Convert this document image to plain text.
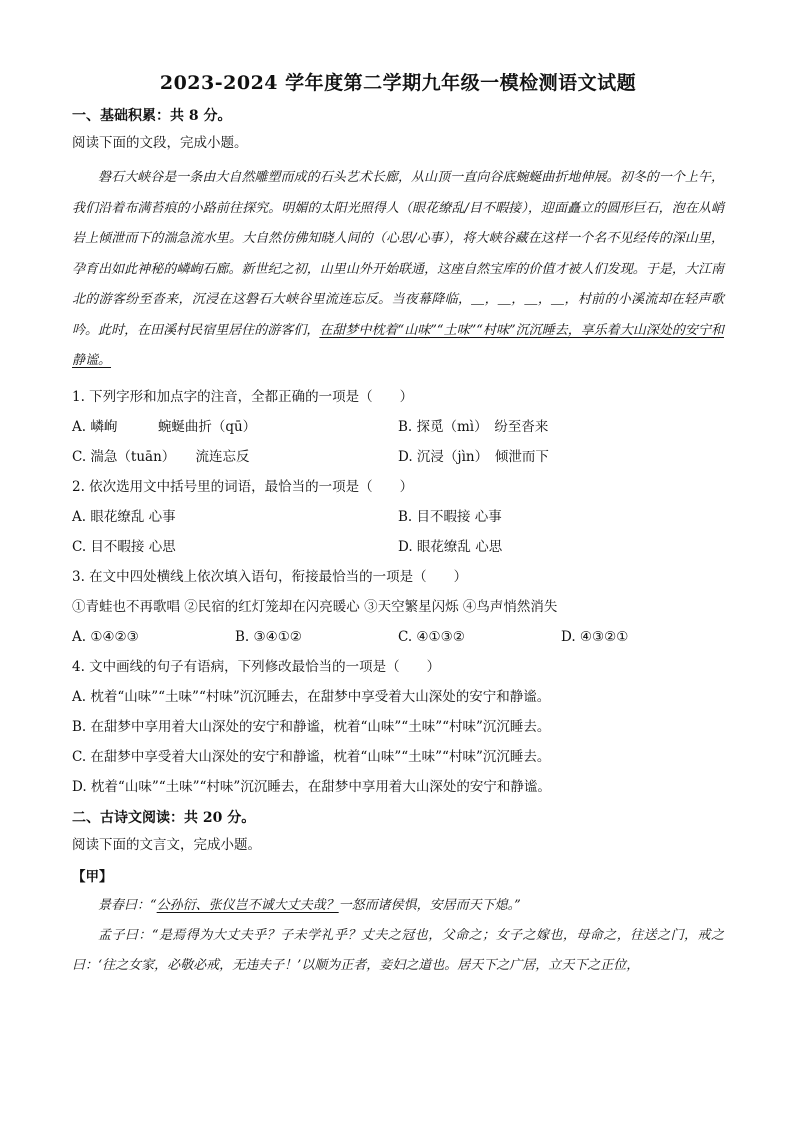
2023-2024 学年度第二学期九年级一模检测语文试题
一、基础积累：共 8 分。
阅读下面的文段，完成小题。
磐石大峡谷是一条由大自然雕塑而成的石头艺术长廊，从山顶一直向谷底蜿蜒曲折地伸展。初冬的一个上午，我们沿着布满苔痕的小路前往探究。明媚的太阳光照得人（眼花缭乱/目不暇接），迎面矗立的圆形巨石，泡在从峭岩上倾泄而下的湍急流水里。大自然仿佛知晓人间的（心思/心事），将大峡谷藏在这样一个名不见经传的深山里，孕育出如此神秘的嶙峋石廊。新世纪之初，山里山外开始联通，这座自然宝库的价值才被人们发现。于是，大江南北的游客纷至沓来，沉浸在这磐石大峡谷里流连忘反。当夜幕降临，＿，＿，＿，＿，村前的小溪流却在轻声歌吟。此时，在田溪村民宿里居住的游客们，在甜梦中枕着“山味”“土味”“村味”沉沉睡去，享乐着大山深处的安宁和静谧。
1. 下列字形和加点字的注音，全都正确的一项是（　　）
A. 嶙峋　　　蜿蜒曲折（qū）	B. 探觅（mì）　纷至沓来
C. 湍急（tuān）　　流连忘反	D. 沉浸（jìn）　倾泄而下
2. 依次选用文中括号里的词语，最恰当的一项是（　　）
A. 眼花缭乱 心事	B. 目不暇接 心事
C. 目不暇接 心思	D. 眼花缭乱 心思
3. 在文中四处横线上依次填入语句，衔接最恰当的一项是（　　）
①青蛙也不再歌唱 ②民宿的红灯笼却在闪亮暖心 ③天空繁星闪烁 ④鸟声悄然消失
A. ①④②③	B. ③④①②	C. ④①③②	D. ④③②①
4. 文中画线的句子有语病，下列修改最恰当的一项是（　　）
A. 枕着“山味”“土味”“村味”沉沉睡去，在甜梦中享受着大山深处的安宁和静谧。
B. 在甜梦中享用着大山深处的安宁和静谧，枕着“山味”“土味”“村味”沉沉睡去。
C. 在甜梦中享受着大山深处的安宁和静谧，枕着“山味”“土味”“村味”沉沉睡去。
D. 枕着“山味”“土味”“村味”沉沉睡去，在甜梦中享用着大山深处的安宁和静谧。
二、古诗文阅读：共 20 分。
阅读下面的文言文，完成小题。
【甲】
景春曰：“公孙衍、张仪岂不诚大丈夫哉？一怒而诸侯惧，安居而天下熄。”
孟子曰：“是焉得为大丈夫乎？子未学礼乎？丈夫之冠也，父命之；女子之嫁也，母命之，往送之门，戒之曰：‘往之女家，必敬必戒，无违夫子！’以顺为正者，妾妇之道也。居天下之广居，立天下之正位，
